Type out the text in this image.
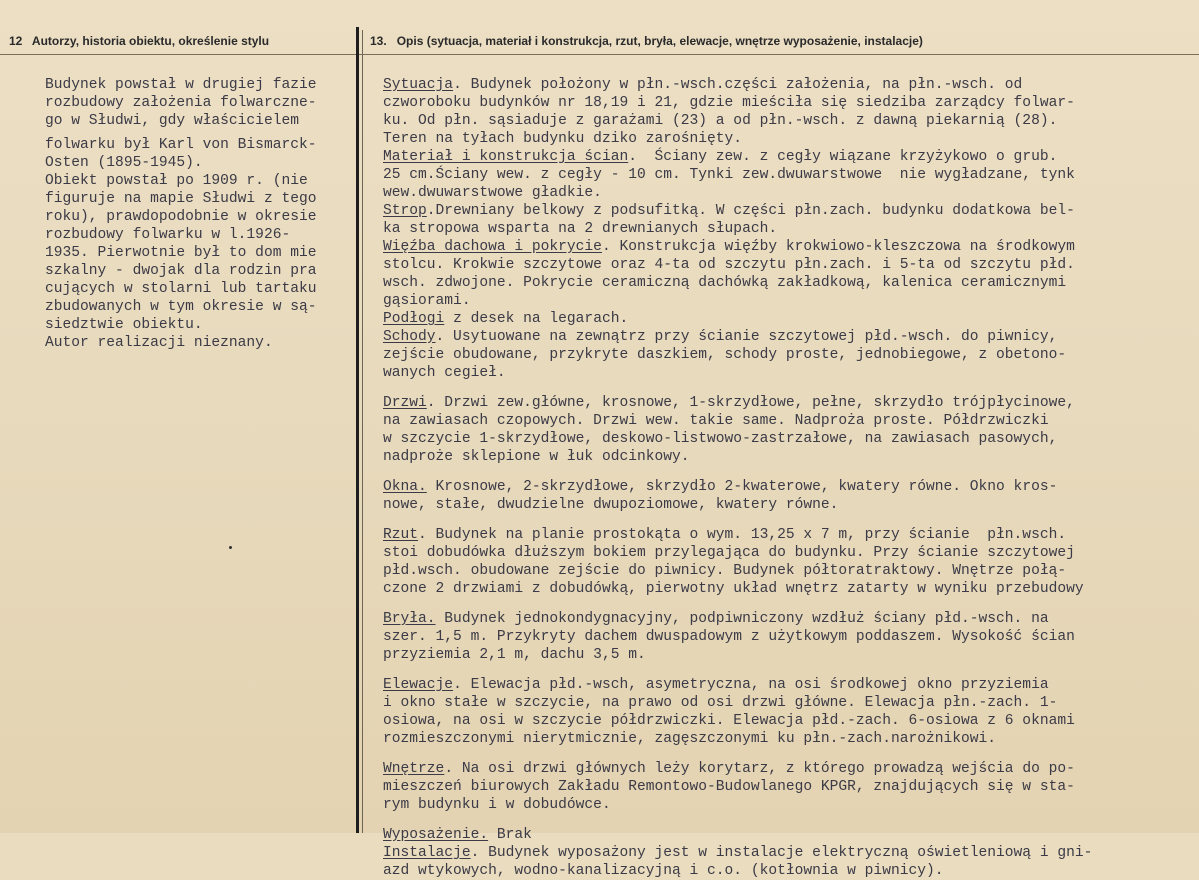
12 Autorzy, historia obiektu, określenie stylu	13. Opis (sytuacja, materiał i konstrukcja, rzut, bryła, elewacje, wnętrze wyposażenie, instalacje)
Budynek powstał w drugiej fazie
rozbudowy założenia folwarczne-
go w Słudwi, gdy właścicielem
folwarku był Karl von Bismarck-
Osten (1895-1945).
Obiekt powstał po 1909 r. (nie
figuruje na mapie Słudwi z tego
roku), prawdopodobnie w okresie
rozbudowy folwarku w l.1926-
1935. Pierwotnie był to dom mie
szkalny - dwojak dla rodzin pra
cujących w stolarni lub tartaku
zbudowanych w tym okresie w są-
siedztwie obiektu.
Autor realizacji nieznany.
Sytuacja. Budynek położony w płn.-wsch.części założenia, na płn.-wsch. od
czworoboku budynków nr 18,19 i 21, gdzie mieściła się siedziba zarządcy folwar-
ku. Od płn. sąsiaduje z garażami (23) a od płn.-wsch. z dawną piekarnią (28).
Teren na tyłach budynku dziko zarośnięty.
Materiał i konstrukcja ścian.  Ściany zew. z cegły wiązane krzyżykowo o grub.
25 cm.Ściany wew. z cegły - 10 cm. Tynki zew.dwuwarstwowe  nie wygładzane, tynk
wew.dwuwarstwowe gładkie.
Strop.Drewniany belkowy z podsufitką. W części płn.zach. budynku dodatkowa bel-
ka stropowa wsparta na 2 drewnianych słupach.
Więźba dachowa i pokrycie. Konstrukcja więźby krokwiowo-kleszczowa na środkowym
stolcu. Krokwie szczytowe oraz 4-ta od szczytu płn.zach. i 5-ta od szczytu płd.
wsch. zdwojone. Pokrycie ceramiczną dachówką zakładkową, kalenica ceramicznymi
gąsiorami.
Podłogi z desek na legarach.
Schody. Usytuowane na zewnątrz przy ścianie szczytowej płd.-wsch. do piwnicy,
zejście obudowane, przykryte daszkiem, schody proste, jednobiegowe, z obetono-
wanych cegieł.
Drzwi. Drzwi zew.główne, krosnowe, 1-skrzydłowe, pełne, skrzydło trójpłycinowe,
na zawiasach czopowych. Drzwi wew. takie same. Nadproża proste. Półdrzwiczki
w szczycie 1-skrzydłowe, deskowo-listwowo-zastrzałowe, na zawiasach pasowych,
nadproże sklepione w łuk odcinkowy.
Okna. Krosnowe, 2-skrzydłowe, skrzydło 2-kwaterowe, kwatery równe. Okno kros-
nowe, stałe, dwudzielne dwupoziomowe, kwatery równe.
Rzut. Budynek na planie prostokąta o wym. 13,25 x 7 m, przy ścianie  płn.wsch.
stoi dobudówka dłuższym bokiem przylegająca do budynku. Przy ścianie szczytowej
płd.wsch. obudowane zejście do piwnicy. Budynek półtoratraktowy. Wnętrze połą-
czone 2 drzwiami z dobudówką, pierwotny układ wnętrz zatarty w wyniku przebudowy
Bryła. Budynek jednokondygnacyjny, podpiwniczony wzdłuż ściany płd.-wsch. na
szer. 1,5 m. Przykryty dachem dwuspadowym z użytkowym poddaszem. Wysokość ścian
przyziemia 2,1 m, dachu 3,5 m.
Elewacje. Elewacja płd.-wsch, asymetryczna, na osi środkowej okno przyziemia
i okno stałe w szczycie, na prawo od osi drzwi główne. Elewacja płn.-zach. 1-
osiowa, na osi w szczycie półdrzwiczki. Elewacja płd.-zach. 6-osiowa z 6 oknami
rozmieszczonymi nierytmicznie, zagęszczonymi ku płn.-zach.narożnikowi.
Wnętrze. Na osi drzwi głównych leży korytarz, z którego prowadzą wejścia do po-
mieszczeń biurowych Zakładu Remontowo-Budowlanego KPGR, znajdujących się w sta-
rym budynku i w dobudówce.
Wyposażenie. Brak
Instalacje. Budynek wyposażony jest w instalacje elektryczną oświetleniową i gni-
azd wtykowych, wodno-kanalizacyjną i c.o. (kotłownia w piwnicy).
